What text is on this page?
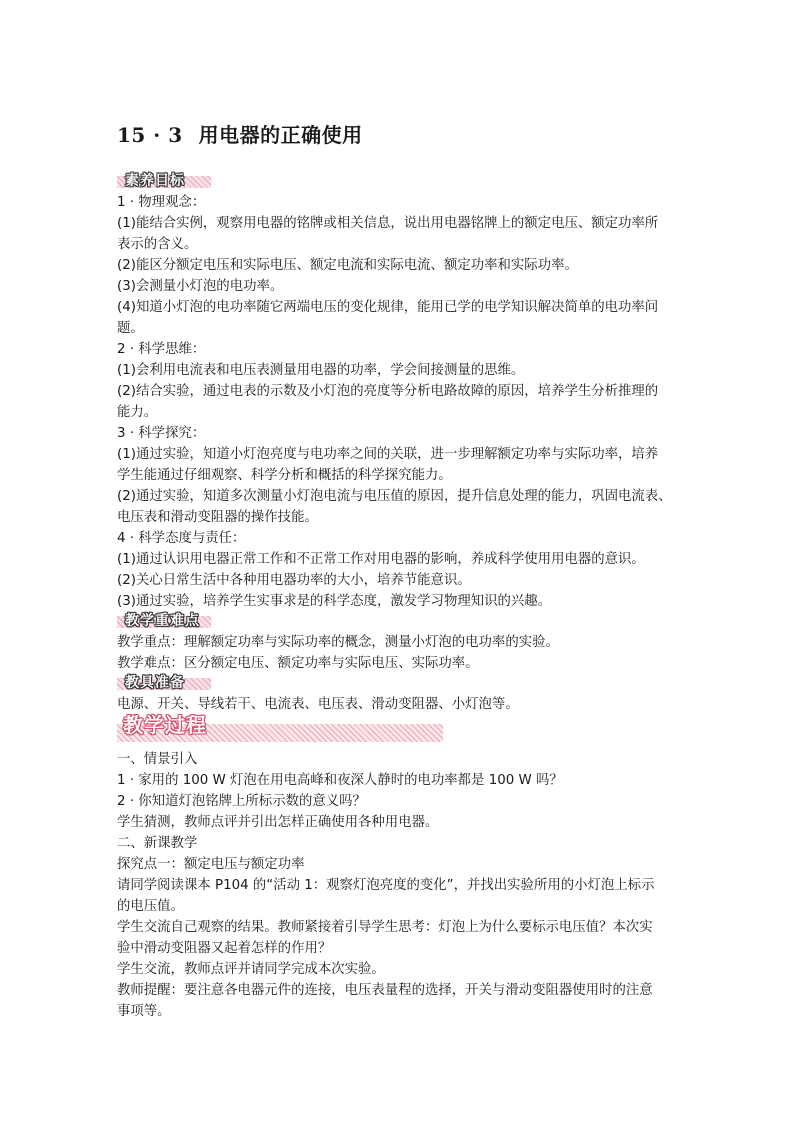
15 · 3 用电器的正确使用
素养目标

1 · 物理观念：

(1)能结合实例，观察用电器的铭牌或相关信息，说出用电器铭牌上的额定电压、额定功率所

表示的含义。

(2)能区分额定电压和实际电压、额定电流和实际电流、额定功率和实际功率。

(3)会测量小灯泡的电功率。

(4)知道小灯泡的电功率随它两端电压的变化规律，能用已学的电学知识解决简单的电功率问

题。

2 · 科学思维：

(1)会利用电流表和电压表测量用电器的功率，学会间接测量的思维。

(2)结合实验，通过电表的示数及小灯泡的亮度等分析电路故障的原因，培养学生分析推理的

能力。

3 · 科学探究：

(1)通过实验，知道小灯泡亮度与电功率之间的关联，进一步理解额定功率与实际功率，培养

学生能通过仔细观察、科学分析和概括的科学探究能力。

(2)通过实验，知道多次测量小灯泡电流与电压值的原因，提升信息处理的能力，巩固电流表、

电压表和滑动变阻器的操作技能。

4 · 科学态度与责任：

(1)通过认识用电器正常工作和不正常工作对用电器的影响，养成科学使用用电器的意识。

(2)关心日常生活中各种用电器功率的大小，培养节能意识。

(3)通过实验，培养学生实事求是的科学态度，激发学习物理知识的兴趣。

教学重难点

教学重点：理解额定功率与实际功率的概念，测量小灯泡的电功率的实验。

教学难点：区分额定电压、额定功率与实际电压、实际功率。

教具准备

电源、开关、导线若干、电流表、电压表、滑动变阻器、小灯泡等。

教学过程

一、情景引入

1 · 家用的 100 W 灯泡在用电高峰和夜深人静时的电功率都是 100 W 吗？

2 · 你知道灯泡铭牌上所标示数的意义吗？

学生猜测，教师点评并引出怎样正确使用各种用电器。

二、新课教学

探究点一：额定电压与额定功率

请同学阅读课本 P104 的“活动 1：观察灯泡亮度的变化”，并找出实验所用的小灯泡上标示

的电压值。

学生交流自己观察的结果。教师紧接着引导学生思考：灯泡上为什么要标示电压值？本次实

验中滑动变阻器又起着怎样的作用？

学生交流，教师点评并请同学完成本次实验。

教师提醒：要注意各电器元件的连接，电压表量程的选择，开关与滑动变阻器使用时的注意

事项等。
